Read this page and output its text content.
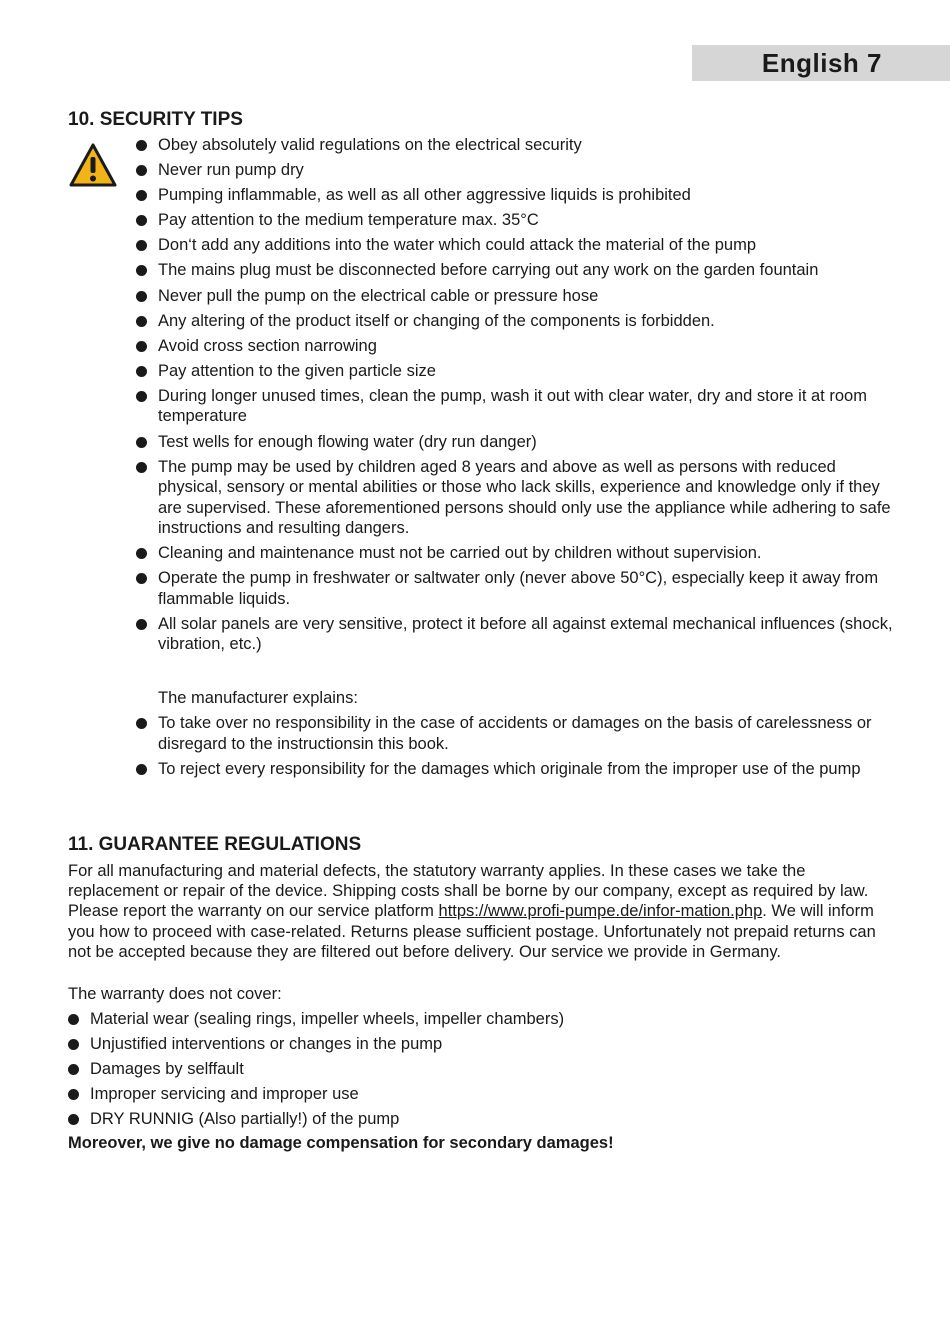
English 7
10. SECURITY TIPS
Obey absolutely valid regulations on the electrical security
Never run pump dry
Pumping inflammable, as well as all other aggressive liquids is prohibited
Pay attention to the medium temperature max. 35°C
Don‘t add any additions into the water which could attack the material of the pump
The mains plug must be disconnected before carrying out any work on the garden fountain
Never pull the pump on the electrical cable or pressure hose
Any altering of the product itself or changing of the components is forbidden.
Avoid cross section narrowing
Pay attention to the given particle size
During longer unused times, clean the pump, wash it out with clear water, dry and store it at room temperature
Test wells for enough flowing water (dry run danger)
The pump may be used by children aged 8 years and above as well as persons with reduced physical, sensory or mental abilities or those who lack skills, experience and knowledge only if they are supervised. These aforementioned persons should only use the appliance while adhering to safe instructions and resulting dangers.
Cleaning and maintenance must not be carried out by children without supervision.
Operate the pump in freshwater or saltwater only (never above 50°C), especially keep it away from flammable liquids.
All solar panels are very sensitive, protect it before all against extemal mechanical influences (shock, vibration, etc.)

The manufacturer explains:

To take over no responsibility in the case of accidents or damages on the basis of carelessness or disregard to the instructionsin this book.
To reject every responsibility for the damages which originale from the improper use of the pump
11. GUARANTEE REGULATIONS

For all manufacturing and material defects, the statutory warranty applies. In these cases we take the replacement or repair of the device. Shipping costs shall be borne by our company, except as required by law. Please report the warranty on our service platform https://www.profi-pumpe.de/infor-mation.php. We will inform you how to proceed with case-related. Returns please sufficient postage. Unfortunately not prepaid returns can not be accepted because they are filtered out before delivery. Our service we provide in Germany.

The warranty does not cover:

Material wear (sealing rings, impeller wheels, impeller chambers)
Unjustified interventions or changes in the pump
Damages by selffault
Improper servicing and improper use
DRY RUNNIG (Also partially!) of the pump

Moreover, we give no damage compensation for secondary damages!
